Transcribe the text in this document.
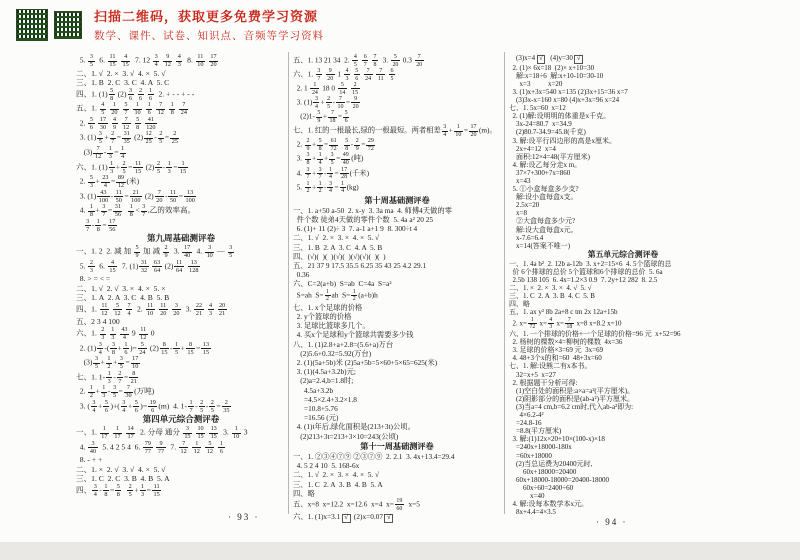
扫描二维码，获取更多免费学习资源
数学、课件、试卷、知识点、音频等学习资料
5. $\frac{3}{5} 6$. $\frac{11}{15}$
$\frac{4}{15} 7$. $12 \frac{3}{4}$
$\frac{9}{12}$
$\frac{4}{3} 8$. $\frac{11}{10}$
$\frac{17}{20}$
二、1. √  2. ×  3. √  4. ×  5. √
三、1. B  2. C  3. C  4. A  5. C
四、1. $(1) \frac{5}{8} (2) \frac{3}{6}$
$\frac{2}{6}$
$\frac{1}{6} 2$. + - - + - -
五、1. $\frac{4}{5}$
$\frac{1}{20}$
$\frac{5}{7}$
$\frac{1}{10}$
$\frac{1}{6}$
$\frac{7}{12}$
$\frac{1}{8}$
$\frac{7}{24}$
2. $\frac{5}{6}$
$\frac{17}{30}$
$\frac{4}{9}$
$\frac{7}{12}$
$\frac{5}{8}$
$\frac{41}{120}$
3. $(1) \frac{3}{5} + \frac{2}{7} = \frac{31}{35} (2) \frac{12}{25} - \frac{2}{5} = \frac{2}{25}$
$(3) \frac{7}{12} - \frac{1}{3} = \frac{1}{4}$
六、1. $(1) \frac{1}{3} + \frac{2}{5} = \frac{11}{15} (2) \frac{2}{5} - \frac{1}{3} = \frac{1}{15}$
2. $\frac{5}{3} + \frac{23}{4} = \frac{89}{12}$ (米)
3. $(1) \frac{43}{100} - \frac{11}{50} = \frac{21}{100} (2) \frac{7}{20} - \frac{11}{50} = \frac{13}{100}$
4. $\frac{1}{8} + \frac{3}{7} = \frac{31}{56}$
$\frac{1}{8} < \frac{3}{7}$ ,乙的效率高。

$\frac{3}{7} - \frac{1}{8} = \frac{17}{56}$
第九周基础测评卷
一、1. 2  2. 减 加 $\frac{5}{9}$ 加 减 $\frac{2}{9} 3$. $\frac{17}{40} 4$. $\frac{3}{10}$ — $\frac{3}{5}$
5. $\frac{2}{3} 6$. $\frac{4}{15} 7$. $(1) \frac{31}{32}$
$\frac{63}{64} (2) \frac{11}{64}$
$\frac{13}{128}$
8. > = < =
二、1. √  2. √  3. ×  4. ×  5. ×
三、1. A  2. A  3. C  4. B  5. B
四、1. $\frac{11}{12}$
$\frac{5}{12}$
$\frac{7}{4} 2$. $\frac{11}{10}$
$\frac{11}{20}$
$\frac{3}{20} 3$. $\frac{22}{21}$
$\frac{4}{3}$
$\frac{20}{21}$
五、2 3 4 100
六、1. $\frac{2}{3}$
$\frac{1}{3}$
$\frac{43}{4} 9 \frac{11}{12} 0$
2. $(1) \frac{3}{4}$ -( $\frac{3}{8} + \frac{1}{6}$ )= $\frac{5}{24} (2) \frac{8}{15} - \frac{1}{5} + \frac{8}{15} = \frac{13}{15}$
$(3) \frac{3}{5} + \frac{1}{2} + \frac{3}{5} = \frac{17}{10}$
七、1. $1- \frac{1}{3} - \frac{2}{7} = \frac{8}{21}$
2. $\frac{1}{2} + \frac{1}{3} - \frac{3}{5} = \frac{7}{30}$ (万吨)
3. ( $\frac{3}{4} + \frac{5}{6}$ )+( $\frac{3}{4} + \frac{5}{6}$ )= $\frac{19}{6} (m)$  4. $1- \frac{1}{7} - \frac{2}{5} - \frac{2}{5} = \frac{2}{35}$
第四单元综合测评卷
一、1. $\frac{1}{17}$
$\frac{1}{17}$
$\frac{14}{17} 2$. 分母 通分 $\frac{3}{15}$
$\frac{10}{15}$
$\frac{13}{15} 3$. $\frac{1}{10} 3$
4. $\frac{3}{40} 5$. 4 2 5 4  6. $\frac{79}{77}$
$\frac{9}{77} 7$. $\frac{7}{12}$
$\frac{1}{12}$
$\frac{5}{12}$
$\frac{1}{6}$
8. - + +
二、1. ×  2. √  3. √  4. ×  5. √
三、1. C  2. C  3. B  4. B  5. A
四、 $\frac{3}{4} - \frac{1}{8} = \frac{5}{8}$
$\frac{2}{5} + \frac{1}{3} = \frac{11}{15}$
五、1. 13 21 34  2. $\frac{4}{5}$
$\frac{6}{7}$
$\frac{7}{8} 3$. $\frac{5}{20} 0.3 \frac{7}{20}$
六、1. $\frac{3}{7}$
$\frac{9}{20} 1 \frac{4}{3}$
$\frac{5}{6}$
$\frac{7}{24}$
$\frac{7}{11}$
$\frac{6}{5}$
2. $1 \frac{1}{24} 18$ $0 \frac{5}{14}$
$\frac{2}{15}$
3. $(1) \frac{3}{4} + \frac{2}{5} - \frac{7}{10} = \frac{9}{20}$
$(2)1- \frac{5}{9} + \frac{7}{18} = \frac{5}{6}$
七、1. 红的一根最长,绿的一根最短。两者相差 $\frac{3}{4} + \frac{1}{10} = \frac{17}{20} (m)$。
2. $\frac{2}{9} + \frac{5}{8} = \frac{61}{72}$
$\frac{5}{8} - \frac{2}{9} = \frac{29}{72}$
3. $\frac{3}{8} + \frac{1}{4} + \frac{3}{5} = \frac{49}{40}$ (吨)
4. $\frac{3}{7} + \frac{3}{7} - \frac{1}{4} = \frac{17}{28}$ (千米)
5. $\frac{1}{2} + \frac{1}{2} - \frac{3}{4} = \frac{1}{4} (kg)$
第十周基础测评卷
一、1. a+50 a-50  2. x-y  3. 3a ma  4. 师傅4天做的零
件个数 徒弟4天做的零件个数  5. 4a a² 20 25
6. (1)+ 11 (2)÷ 3  7. a-1 a+1 9  8. 300÷t 4
二、1. √  2. ×  3. ×  4. ×  5. √
三、1. B  2. A  3. C  4. A  5. B
四、(√)(  )(  )(√)(  )(√)(√)(  )(  )
五、21 37 9 17.5 35.5 6.25 35 43 25 4.2 29.1
0.36
六、C=2(a+b)  S=ab  C=4a  S=a²
S=ah  $S= \frac{1}{2}$ ah  $S= \frac{1}{2} (a+b)h$
七、1. x个足球的价格
2. y个篮球的价格
3. 足球比篮球多几个。
4. 买x个足球和y个篮球共需要多少钱
八、1. (1)2.8+a+2.8=(5.6+a)万台
(2)5.6+0.32=5.92(万台)
2. (1)(5a+5b)米 (2)5a+5b=5×60+5×65=625(米)
3. (1)(4.5a+3.2b)元;
(2)a=2.4,b=1.8时;
4.5a+3.2b
=4.5×2.4+3.2×1.8
=10.8+5.76
=16.56 (元)
4. (1)t年后,绿化面积是(213+3t)公顷。
(2)213+3t=213+3×10=243(公顷)
第十一周基础测评卷
一、1. ②③④⑦⑨ ②③⑦⑨  2. 2.1  3. 4x+13.4=29.4
4. 5 2 4 10  5. 168-6x
二、1. √  2. ×  3. ×  4. ×  5. √
三、1. C  2. A  3. B  4. B  5. A
四、略
五、x=8  x=12.2  x=12.6  x=4  $x= \frac{19}{60} x=5$
六、1. (1)x=3.1 √ (2)x=0.07 √
(3)x=4 √  (4)y=30 √
2. (1)× 6x=18  (2)× x+10=30
解:x=18÷6  解:x+10-10=30-10
x=3          x=20
3. (1)x+3x=540 x=135 (2)3x+15=36 x=7
(3)3x-x=160 x=80 (4)x+3x=96 x=24
七、1. 5x=60  x=12
2. (1)解:设明明的体重是x千克。
3x-24=80.7  x=34.9
(2)80.7-34.9=45.8(千克)
3. 解:设平行四边形的高是x厘米。
2x+4=12  x=4
面积:12×4=48(平方厘米)
4. 解:设乙每分走x m。
37×7+300+7x=860
x=43
5. ①小盒每盒多少支?
解:设小盒每盒x支。
2.5x=20
x=8
②大盒每盒多少元?
解:设大盒每盒x元。
x-7.6=6.4
x=14(答案不唯一)
第五单元综合测评卷
一、1. 4a b²  2. 12b a-12b  3. x+2=15×6  4. 5个篮球的总
价 6个排球的总价 5个篮球和6个排球的总价  5. 6a
2.5b 138 105  6. 4x=1.2×3 0.9  7. 2y+12 282  8. 2.5
二、1. ×  2. ×  3. ×  4. √  5. √
三、1. C  2. A  3. B  4. C  5. B
四、略
五、1. ax y² 8b 2a+8 c tm 2x 12a+15b
2. $x= \frac{1}{72} x= \frac{4}{3} x= \frac{7}{18} x=8$ x=8.2 x=10
六、1. 一个排球的价格+一个足球的价格=96 元  x+52=96
2. 杨树的棵数×4=柳树的棵数  4x=36
3. 足球的价格×3=69 元  3x=69
4. 48+3个x的和=60  48+3x=60
七、1. 解:设熊二有x本书。
32=x+5  x=27
2. 根据题干分析可得:
(1)空白处的面积是:a×a=a²(平方厘米)。
(2)阴影部分的面积是(ab-a²)平方厘米。
(3)当a=4 cm,b=6.2 cm时,代入ab-a²即为:
4×6.2-4²
=24.8-16
=8.8(平方厘米)
3. 解:(1)12x×20+10×(100-x)×18
=240x+18000-180x
=60x+18000
(2)当总运费为20400元时,
60x+18000=20400
60x+18000-18000=20400-18000
60x÷60=2400÷60
x=40
4. 解:设每本数学本x元。
8x+4.4=4×3.5
· 93 ·	· 94 ·
